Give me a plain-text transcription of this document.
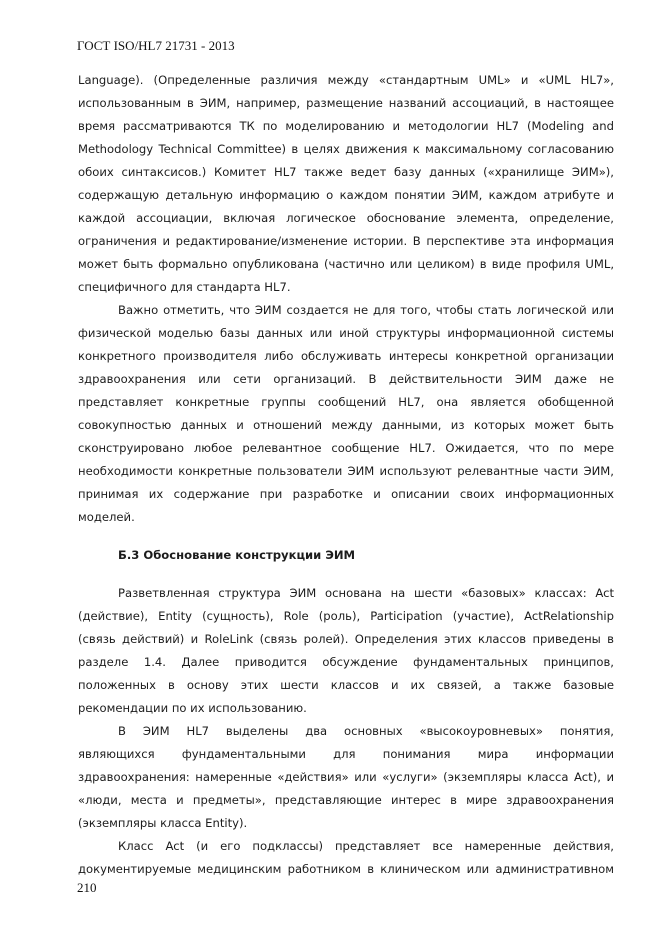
ГОСТ ISO/HL7 21731 - 2013
Language). (Определенные различия между «стандартным UML» и «UML HL7»,
использованным в ЭИМ, например, размещение названий ассоциаций, в настоящее
время рассматриваются ТК по моделированию и методологии HL7 (Modeling and
Methodology Technical Committee) в целях движения к максимальному согласованию
обоих синтаксисов.) Комитет HL7 также ведет базу данных («хранилище ЭИМ»),
содержащую детальную информацию о каждом понятии ЭИМ, каждом атрибуте и
каждой ассоциации, включая логическое обоснование элемента, определение,
ограничения и редактирование/изменение истории. В перспективе эта информация
может быть формально опубликована (частично или целиком) в виде профиля UML,
специфичного для стандарта HL7.
Важно отметить, что ЭИМ создается не для того, чтобы стать логической или
физической моделью базы данных или иной структуры информационной системы
конкретного производителя либо обслуживать интересы конкретной организации
здравоохранения или сети организаций. В действительности ЭИМ даже не
представляет конкретные группы сообщений HL7, она является обобщенной
совокупностью данных и отношений между данными, из которых может быть
сконструировано любое релевантное сообщение HL7. Ожидается, что по мере
необходимости конкретные пользователи ЭИМ используют релевантные части ЭИМ,
принимая их содержание при разработке и описании своих информационных
моделей.
Б.3 Обоснование конструкции ЭИМ
Разветвленная структура ЭИМ основана на шести «базовых» классах: Act
(действие), Entity (сущность), Role (роль), Participation (участие), ActRelationship
(связь действий) и RoleLink (связь ролей). Определения этих классов приведены в
разделе 1.4. Далее приводится обсуждение фундаментальных принципов,
положенных в основу этих шести классов и их связей, а также базовые
рекомендации по их использованию.
В ЭИМ HL7 выделены два основных «высокоуровневых» понятия,
являющихся фундаментальными для понимания мира информации
здравоохранения: намеренные «действия» или «услуги» (экземпляры класса Act), и
«люди, места и предметы», представляющие интерес в мире здравоохранения
(экземпляры класса Entity).
Класс Act (и его подклассы) представляет все намеренные действия,
документируемые медицинским работником в клиническом или административном
210
